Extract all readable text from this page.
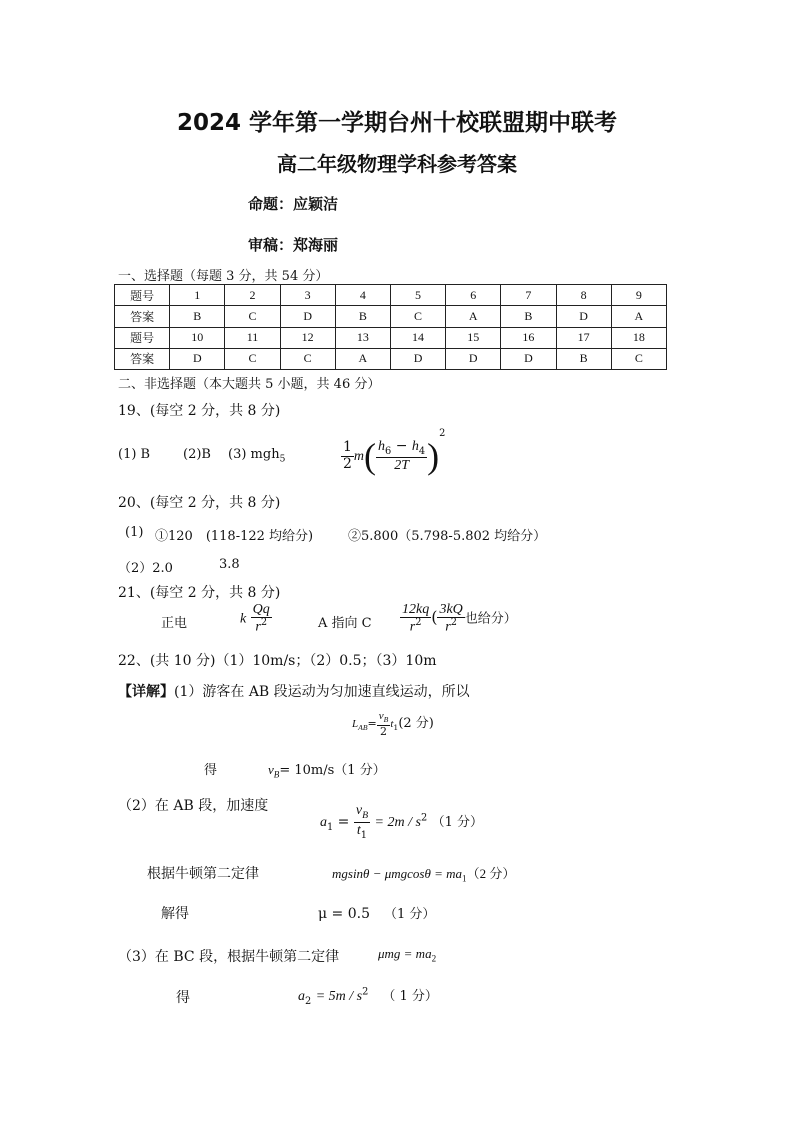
2024 学年第一学期台州十校联盟期中联考
高二年级物理学科参考答案
命题：应颖洁
审稿：郑海丽
一、选择题（每题 3 分，共 54 分）
题号	1	2	3	4	5	6	7	8	9
答案	B	C	D	B	C	A	B	D	A
题号	10	11	12	13	14	15	16	17	18
答案	D	C	C	A	D	D	D	B	C
二、非选择题（本大题共 5 小题，共 46 分）
19、(每空 2 分，共 8 分)
(1) B	(2)B (3) mgh$_5$	$\frac{1}{2} m( \frac{h_6 - h_4}{2T} )^2$
20、(每空 2 分，共 8 分)
(1) ①120　(118-122 均给分)	②5.800（5.798-5.802 均给分）
（2）2.0	3.8
21、(每空 2 分，共 8 分)
正电	k $\frac{Qq}{r^2}$	A 指向 C $\frac{12kq}{r^2}$ ( $\frac{3kQ}{r^2}$ 也给分）
22、(共 10 分)（1）10m/s；（2）0.5；（3）10m
【详解】(1）游客在 AB 段运动为匀加速直线运动，所以
$L_{AB}= \frac{v_B}{2} t_1(2$ 分)
得	$v_B= 10m/s(1$ 分）
（2）在 AB 段，加速度
$a_1 = \frac{v_B}{t_1} = 2m / s^2$ （1 分）
根据牛顿第二定律	$mgsin\theta - \mu mgcos\theta = ma_1(2$ 分）
解得	μ = 0.5 （1 分）
（3）在 BC 段，根据牛顿第二定律	$\mu mg = ma_2$
得	$a_2 = 5m / s^2$ （ 1 分）
